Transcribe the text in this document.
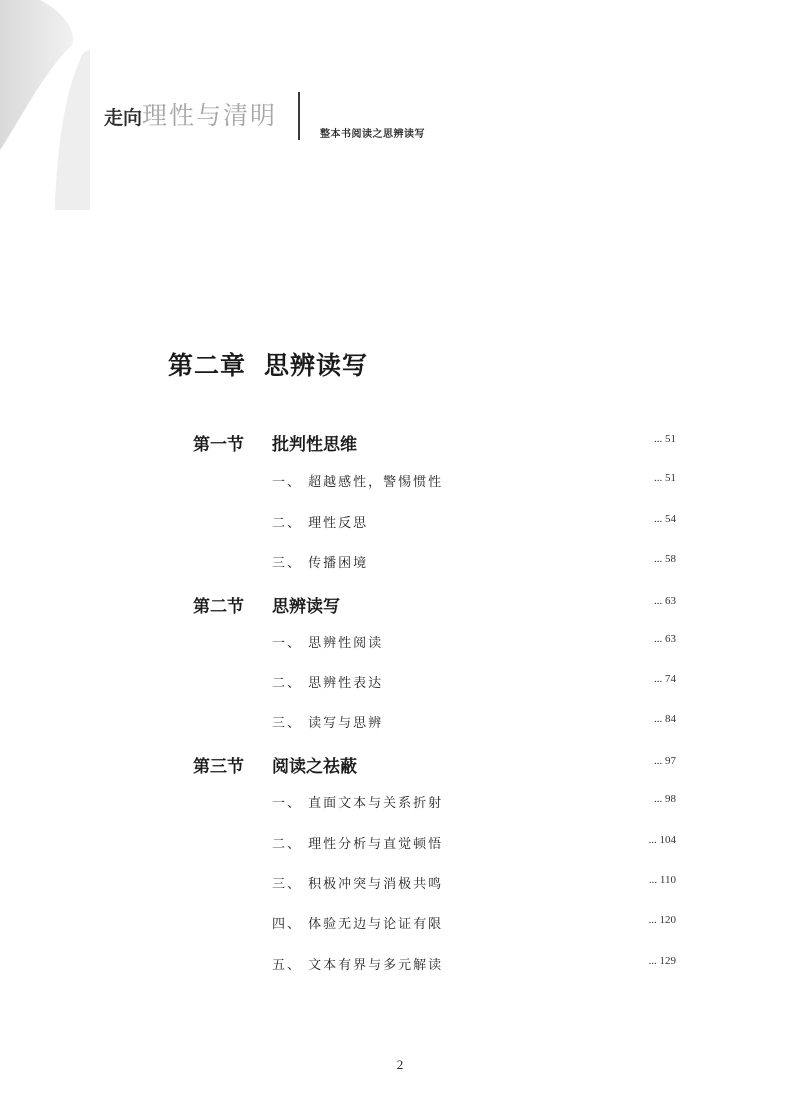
走向理性与清明
整本书阅读之思辨读写
第二章 思辨读写
第一节 批判性思维	... 51
一、 超越感性，警惕惯性	... 51
二、 理性反思	... 54
三、 传播困境	... 58
第二节 思辨读写	... 63
一、 思辨性阅读	... 63
二、 思辨性表达	... 74
三、 读写与思辨	... 84
第三节 阅读之祛蔽	... 97
一、 直面文本与关系折射	... 98
二、 理性分析与直觉顿悟	... 104
三、 积极冲突与消极共鸣	... 110
四、 体验无边与论证有限	... 120
五、 文本有界与多元解读	... 129
2
